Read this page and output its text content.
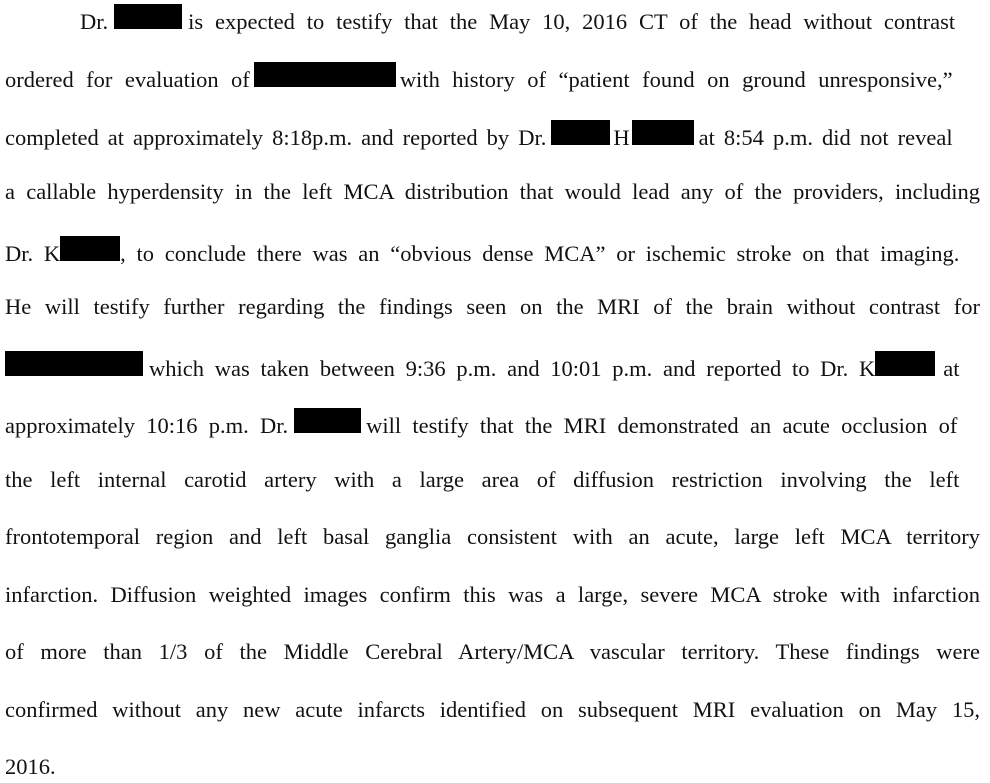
Dr.	is expected to testify that the May 10, 2016 CT of the head without contrast
ordered for evaluation of	with history of “patient found on ground unresponsive,”
completed at approximately 8:18p.m. and reported by Dr.	H	at 8:54 p.m. did not reveal
a callable hyperdensity in the left MCA distribution that would lead any of the providers, including
Dr. K	, to conclude there was an “obvious dense MCA” or ischemic stroke on that imaging.
He will testify further regarding the findings seen on the MRI of the brain without contrast for
which was taken between 9:36 p.m. and 10:01 p.m. and reported to Dr. K	at
approximately 10:16 p.m. Dr.	will testify that the MRI demonstrated an acute occlusion of
the left internal carotid artery with a large area of diffusion restriction involving the left
frontotemporal region and left basal ganglia consistent with an acute, large left MCA territory
infarction. Diffusion weighted images confirm this was a large, severe MCA stroke with infarction
of more than 1/3 of the Middle Cerebral Artery/MCA vascular territory. These findings were
confirmed without any new acute infarcts identified on subsequent MRI evaluation on May 15,
2016.
